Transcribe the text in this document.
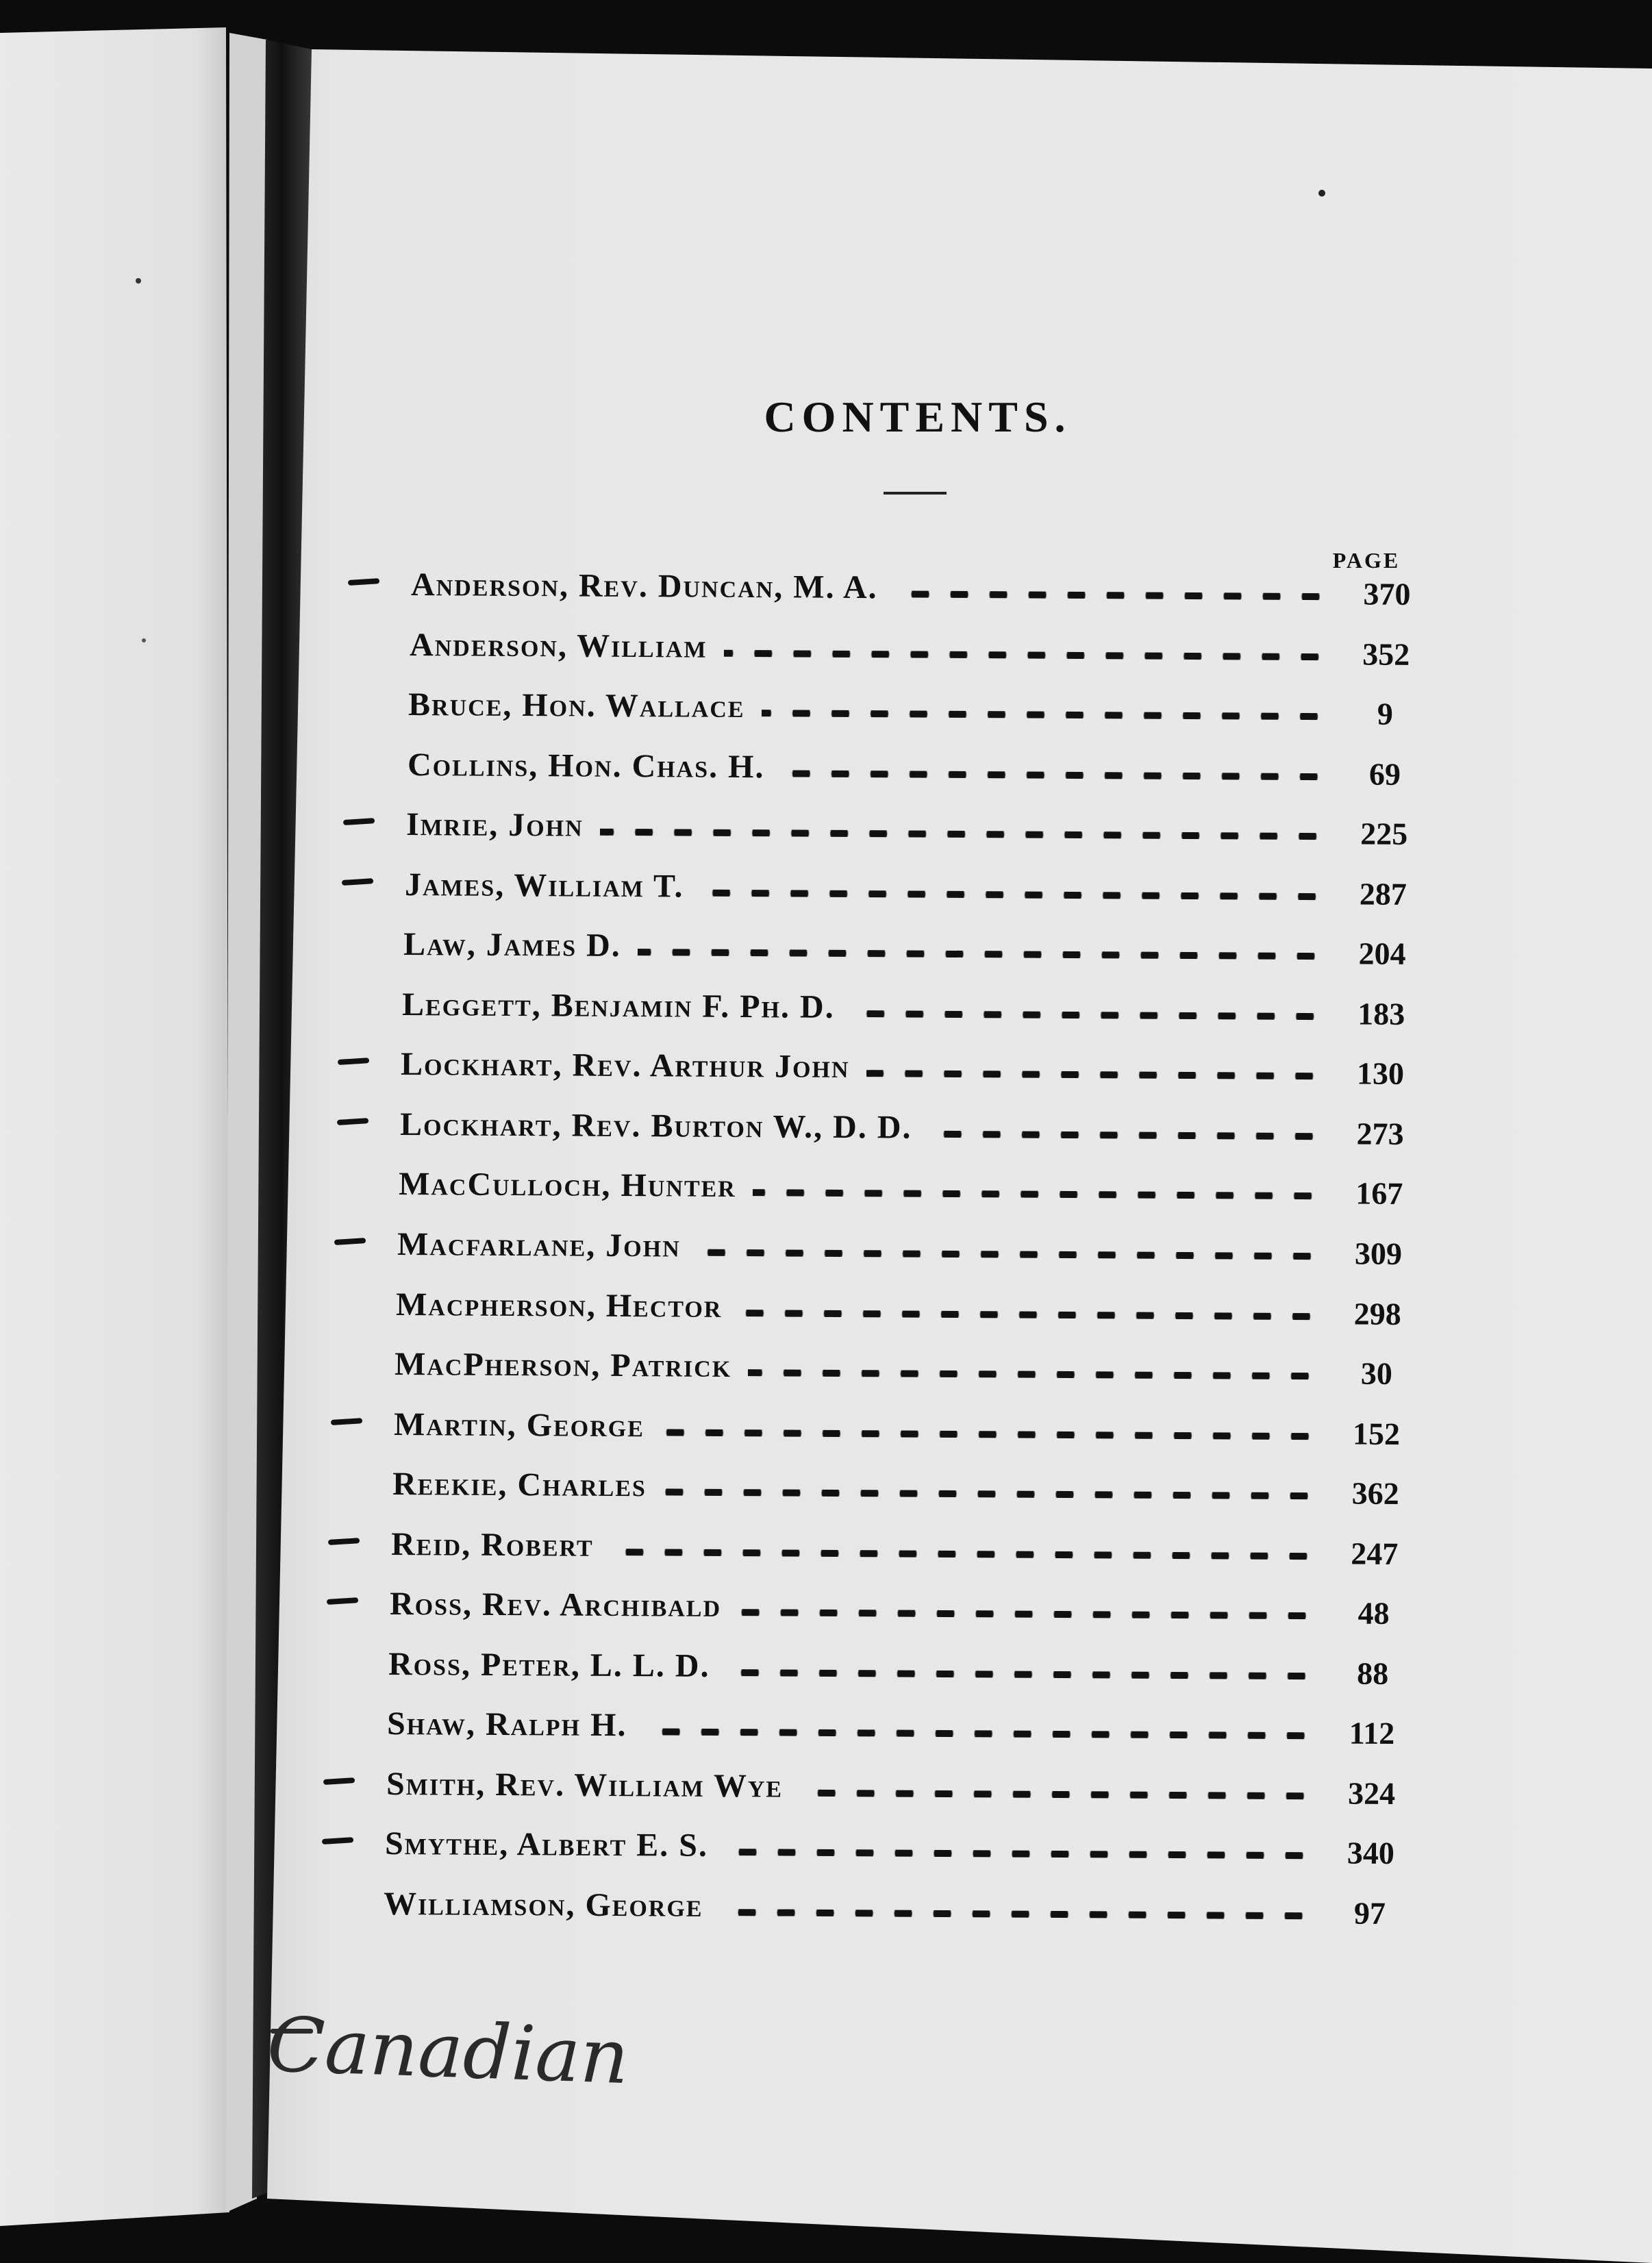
CONTENTS.
PAGE
Anderson, Rev. Duncan, M. A.	370
Anderson, William	352
Bruce, Hon. Wallace	9
Collins, Hon. Chas. H.	69
Imrie, John	225
James, William T.	287
Law, James D.	204
Leggett, Benjamin F. Ph. D.	183
Lockhart, Rev. Arthur John	130
Lockhart, Rev. Burton W., D. D.	273
MacCulloch, Hunter	167
Macfarlane, John	309
Macpherson, Hector	298
MacPherson, Patrick	30
Martin, George	152
Reekie, Charles	362
Reid, Robert	247
Ross, Rev. Archibald	48
Ross, Peter, L. L. D.	88
Shaw, Ralph H.	112
Smith, Rev. William Wye	324
Smythe, Albert E. S.	340
Williamson, George	97
Canadian
